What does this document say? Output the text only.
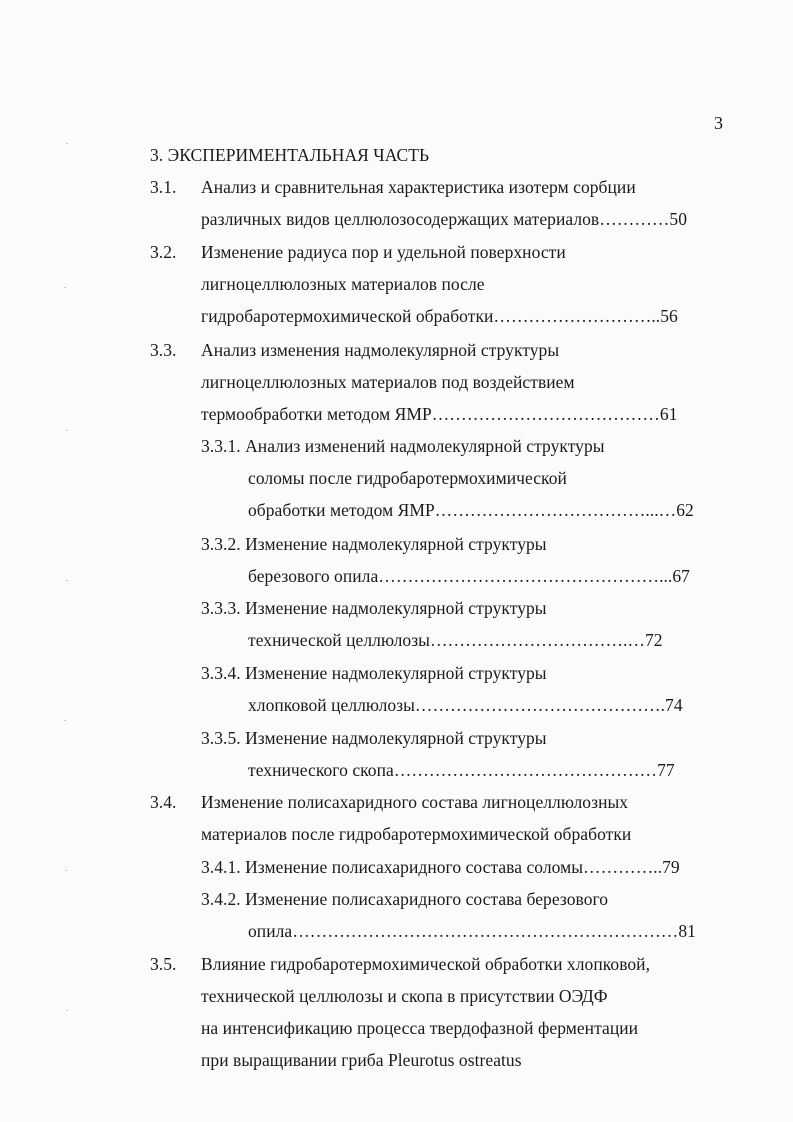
3
3. ЭКСПЕРИМЕНТАЛЬНАЯ ЧАСТЬ
3.1. Анализ и сравнительная характеристика изотерм сорбции
различных видов целлюлозосодержащих материалов…………50
3.2. Изменение радиуса пор и удельной поверхности
лигноцеллюлозных материалов после
гидробаротермохимической обработки………………………..56
3.3. Анализ изменения надмолекулярной структуры
лигноцеллюлозных материалов под воздействием
термообработки методом ЯМР…………………………………61
3.3.1. Анализ изменений надмолекулярной структуры
соломы после гидробаротермохимической
обработки методом ЯМР………………………………...…62
3.3.2. Изменение надмолекулярной структуры
березового опила…………………………………………...67
3.3.3. Изменение надмолекулярной структуры
технической целлюлозы…………………………….…72
3.3.4. Изменение надмолекулярной структуры
хлопковой целлюлозы…………………………………….74
3.3.5. Изменение надмолекулярной структуры
технического скопа………………………………………77
3.4. Изменение полисахаридного состава лигноцеллюлозных
материалов после гидробаротермохимической обработки
3.4.1. Изменение полисахаридного состава соломы…………..79
3.4.2. Изменение полисахаридного состава березового
опила…………………………………………………………81
3.5. Влияние гидробаротермохимической обработки хлопковой,
технической целлюлозы и скопа в присутствии ОЭДФ
на интенсификацию процесса твердофазной ферментации
при выращивании гриба Pleurotus ostreatus
